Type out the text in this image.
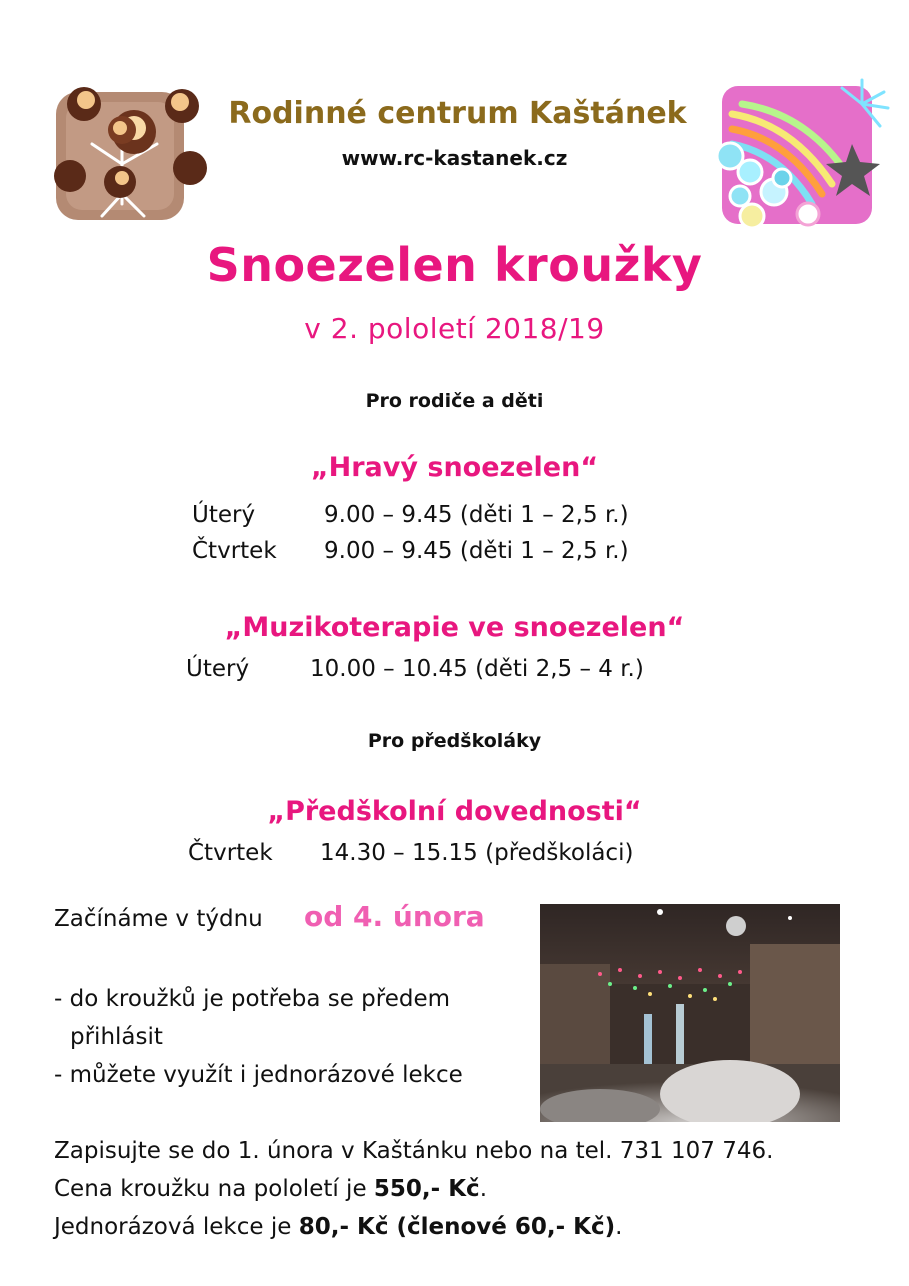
Rodinné centrum Kaštánek
www.rc-kastanek.cz
Snoezelen kroužky
v 2. pololetí 2018/19
Pro rodiče a děti
„Hravý snoezelen“
Úterý	9.00 – 9.45 (děti 1 – 2,5 r.)
Čtvrtek 9.00 – 9.45 (děti 1 – 2,5 r.)
„Muzikoterapie ve snoezelen“
Úterý	10.00 – 10.45 (děti 2,5 – 4 r.)
Pro předškoláky
„Předškolní dovednosti“
Čtvrtek 14.30 – 15.15 (předškoláci)
Začínáme v týdnu od 4. února
- do kroužků je potřeba se předem
přihlásit
- můžete využít i jednorázové lekce
Zapisujte se do 1. února v Kaštánku nebo na tel. 731 107 746.
Cena kroužku na pololetí je 550,- Kč.
Jednorázová lekce je 80,- Kč (členové 60,- Kč).
